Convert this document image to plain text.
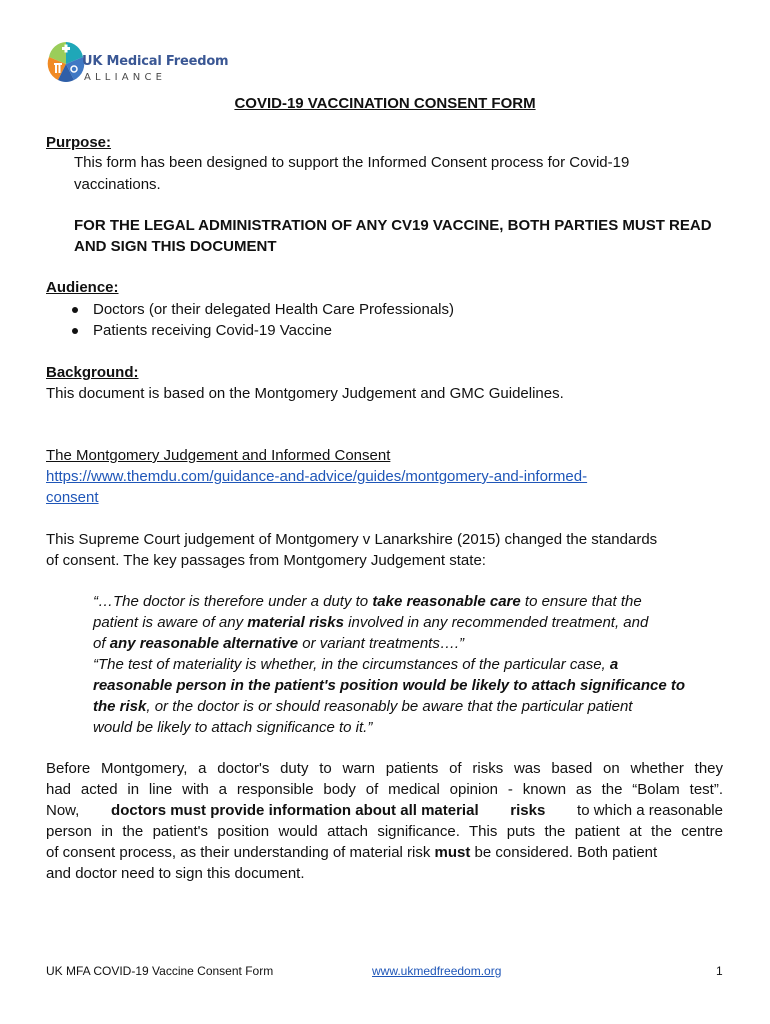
UK Medical Freedom
ALLIANCE
COVID-19 VACCINATION CONSENT FORM
Purpose:
This form has been designed to support the Informed Consent process for Covid-19
vaccinations.
FOR THE LEGAL ADMINISTRATION OF ANY CV19 VACCINE, BOTH PARTIES MUST READ
AND SIGN THIS DOCUMENT
Audience:
Doctors (or their delegated Health Care Professionals)
Patients receiving Covid-19 Vaccine
Background:
This document is based on the Montgomery Judgement and GMC Guidelines.
The Montgomery Judgement and Informed Consent
https://www.themdu.com/guidance-and-advice/guides/montgomery-and-informed-
consent
This Supreme Court judgement of Montgomery v Lanarkshire (2015) changed the standards
of consent. The key passages from Montgomery Judgement state:
“…The doctor is therefore under a duty to take reasonable care to ensure that the
patient is aware of any material risks involved in any recommended treatment, and
of any reasonable alternative or variant treatments….”
“The test of materiality is whether, in the circumstances of the particular case, a
reasonable person in the patient's position would be likely to attach significance to
the risk, or the doctor is or should reasonably be aware that the particular patient
would be likely to attach significance to it.”
Before Montgomery, a doctor's duty to warn patients of risks was based on whether they
had acted in line with a responsible body of medical opinion - known as the “Bolam test”.
Now, doctors must provide information about all material risks to which a reasonable
person in the patient's position would attach significance. This puts the patient at the centre
of consent process, as their understanding of material risk must be considered. Both patient
and doctor need to sign this document.
UK MFA COVID-19 Vaccine Consent Form	www.ukmedfreedom.org	1
